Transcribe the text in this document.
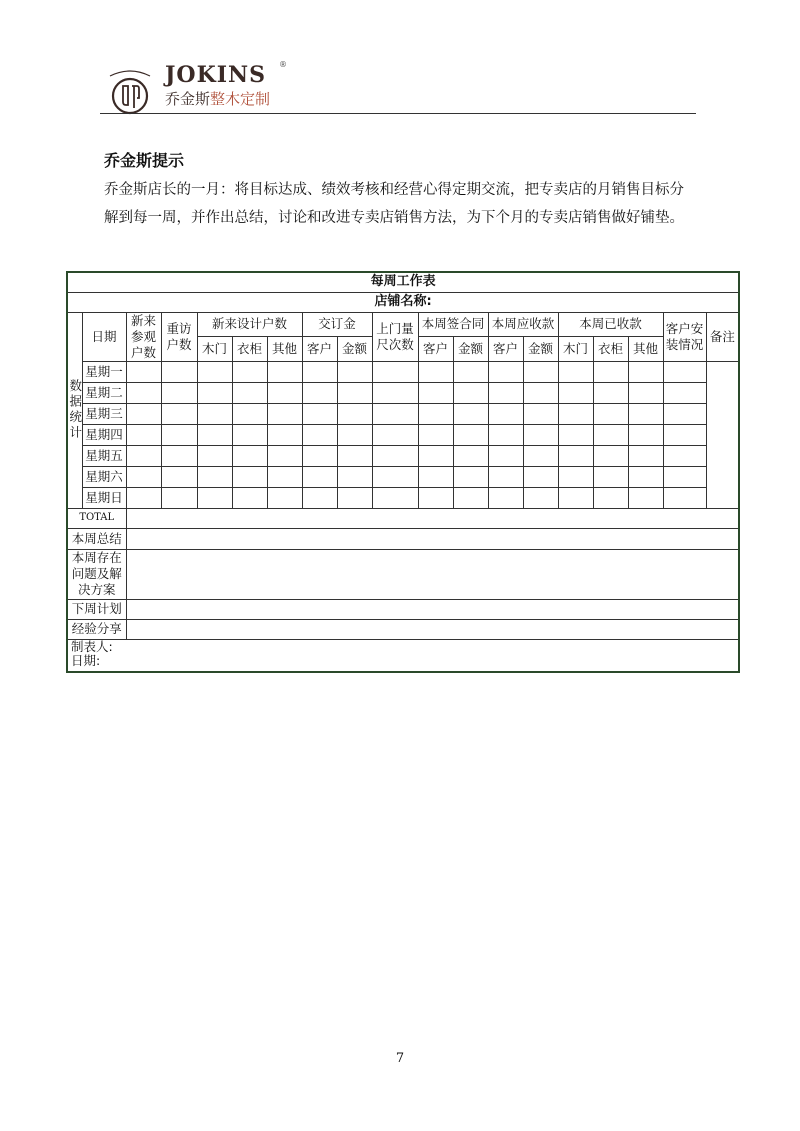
JOKINS ®
乔金斯整木定制
乔金斯提示
乔金斯店长的一月：将目标达成、绩效考核和经营心得定期交流，把专卖店的月销售目标分
解到每一周，并作出总结，讨论和改进专卖店销售方法，为下个月的专卖店销售做好铺垫。
每周工作表																		
店铺名称:																		
数据统计	日期	新来参观户数	重访户数	新来设计户数			交订金		上门量尺次数	本周签合同		本周应收款		本周已收款			客户安装情况	备注
				木门	衣柜	其他	客户	金额		客户	金额	客户	金额	木门	衣柜	其他		
	星期一																	
	星期二																	
	星期三																	
	星期四																	
	星期五																	
	星期六																	
	星期日																	
TOTAL																		
本周总结																		
本周存在问题及解决方案																		
下周计划																		
经验分享																		

制表人:
日期:																		
7
